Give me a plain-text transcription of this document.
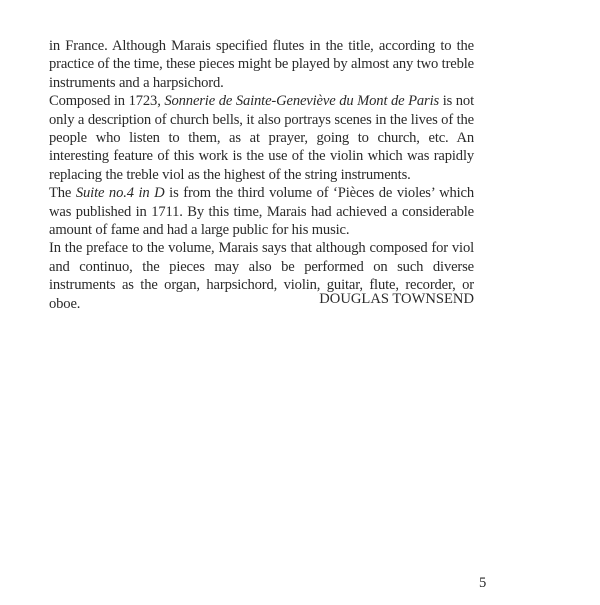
in France. Although Marais specified flutes in the title, according to the practice of the time, these pieces might be played by almost any two treble instruments and a harpsichord.

Composed in 1723, Sonnerie de Sainte-Geneviève du Mont de Paris is not only a description of church bells, it also portrays scenes in the lives of the people who listen to them, as at prayer, going to church, etc. An interesting feature of this work is the use of the violin which was rapidly replacing the treble viol as the highest of the string instruments.

The Suite no.4 in D is from the third volume of ‘Pièces de violes’ which was published in 1711. By this time, Marais had achieved a considerable amount of fame and had a large public for his music.

In the preface to the volume, Marais says that although composed for viol and continuo, the pieces may also be performed on such diverse instruments as the organ, harpsichord, violin, guitar, flute, recorder, or oboe.	DOUGLAS TOWNSEND
5
